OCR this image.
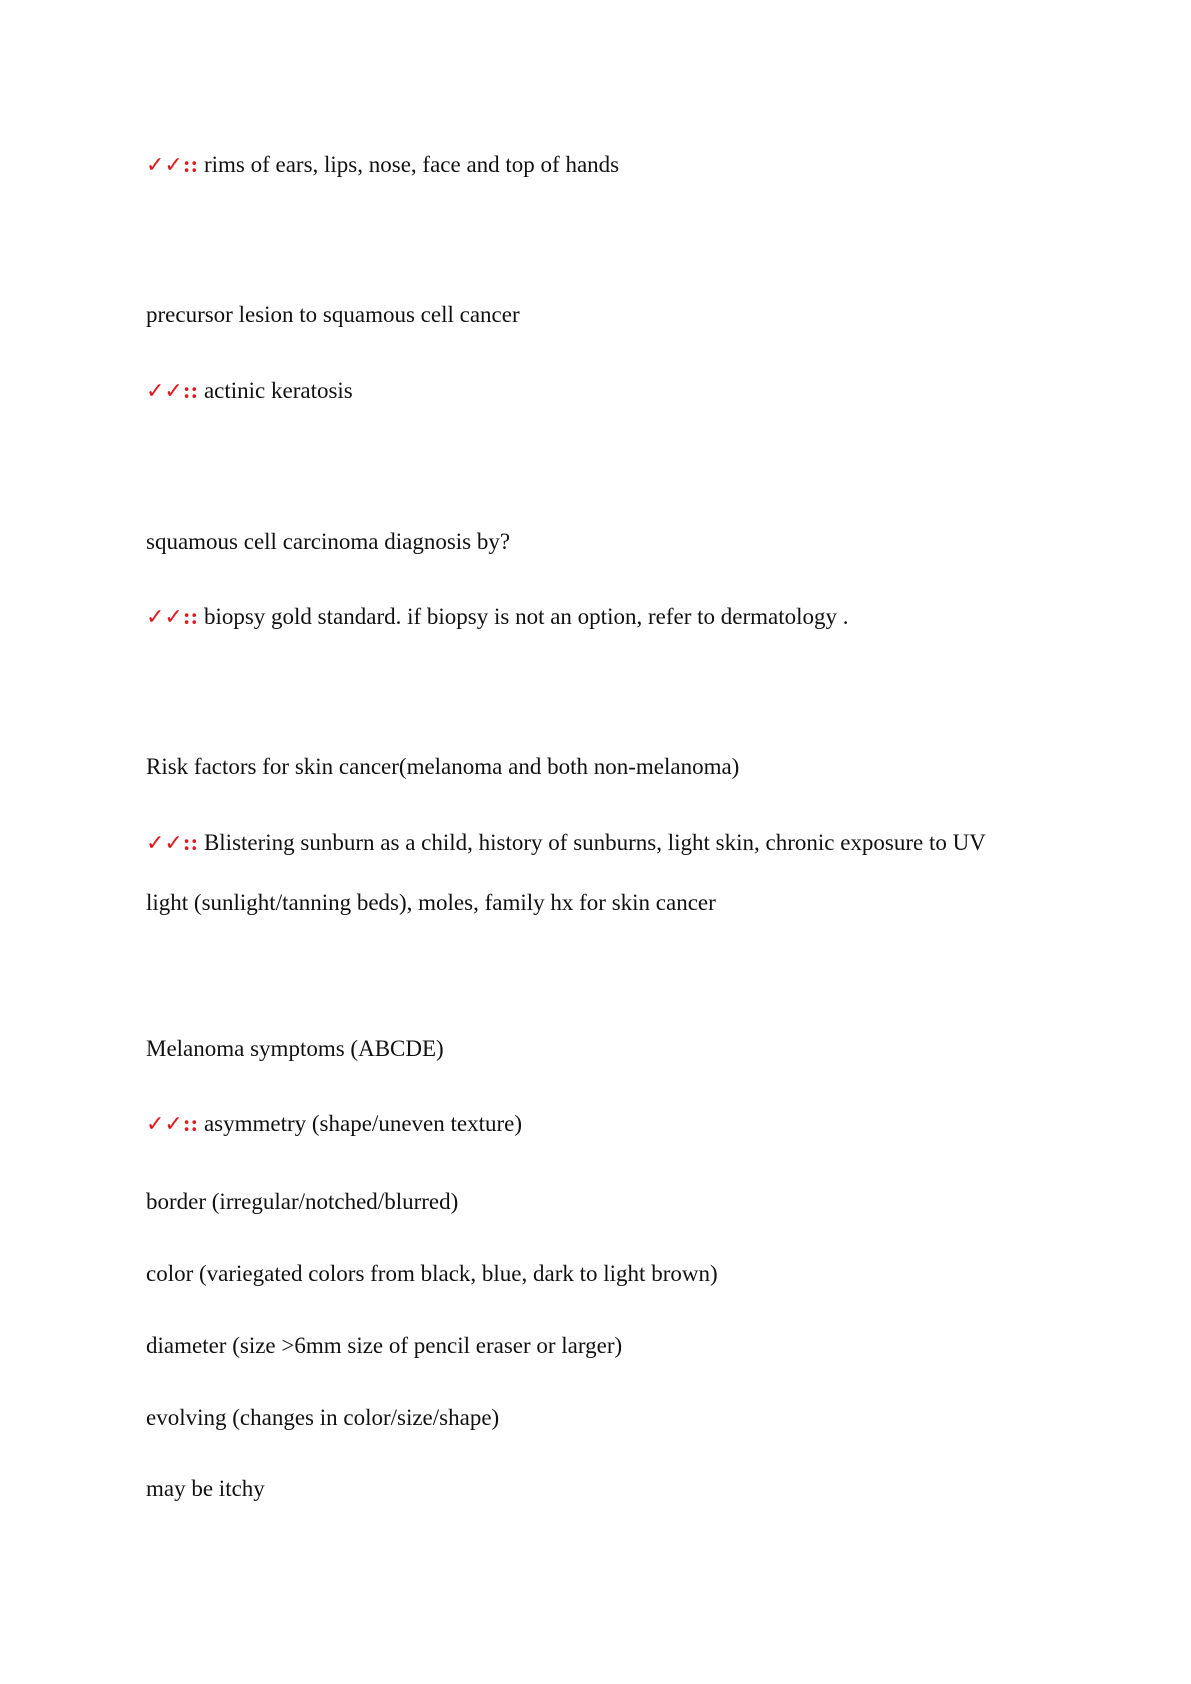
✓✓:: rims of ears, lips, nose, face and top of hands
precursor lesion to squamous cell cancer
✓✓:: actinic keratosis
squamous cell carcinoma diagnosis by?
✓✓:: biopsy gold standard. if biopsy is not an option, refer to dermatology .
Risk factors for skin cancer(melanoma and both non-melanoma)
✓✓:: Blistering sunburn as a child, history of sunburns, light skin, chronic exposure to UV
light (sunlight/tanning beds), moles, family hx for skin cancer
Melanoma symptoms (ABCDE)
✓✓:: asymmetry (shape/uneven texture)
border (irregular/notched/blurred)
color (variegated colors from black, blue, dark to light brown)
diameter (size >6mm size of pencil eraser or larger)
evolving (changes in color/size/shape)
may be itchy
